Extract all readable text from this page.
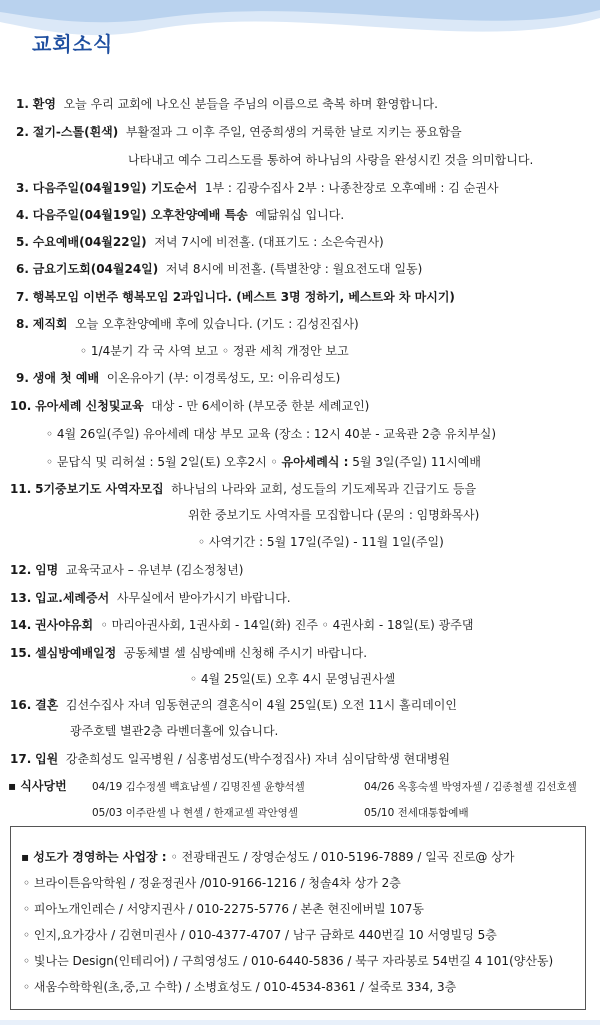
교회소식
1. 환영 오늘 우리 교회에 나오신 분들을 주님의 이름으로 축복 하며 환영합니다.
2. 절기-스톨(흰색) 부활절과 그 이후 주일, 연중희생의 거룩한 날로 지키는 풍요함을
나타내고 예수 그리스도를 통하여 하나님의 사랑을 완성시킨 것을 의미합니다.
3. 다음주일(04월19일) 기도순서 1부 : 김광수집사 2부 : 나종찬장로 오후예배 : 김 순권사
4. 다음주일(04월19일) 오후찬양예배 특송 예닮워십 입니다.
5. 수요예배(04월22일) 저녁 7시에 비전홀. (대표기도 : 소은숙권사)
6. 금요기도회(04월24일) 저녁 8시에 비전홀. (특별찬양 : 월요전도대 일동)
7. 행복모임 이번주 행복모임 2과입니다. (베스트 3명 정하기, 베스트와 차 마시기)
8. 제직회 오늘 오후찬양예배 후에 있습니다. (기도 : 김성진집사)
◦ 1/4분기 각 국 사역 보고 ◦ 정관 세칙 개정안 보고
9. 생애 첫 예배 이온유아기 (부: 이경록성도, 모: 이유리성도)
10. 유아세례 신청및교육 대상 - 만 6세이하 (부모중 한분 세례교인)
◦ 4월 26일(주일) 유아세례 대상 부모 교육 (장소 : 12시 40분 - 교육관 2층 유치부실)
◦ 문답식 및 리허설 : 5월 2일(토) 오후2시 ◦ 유아세례식 : 5월 3일(주일) 11시예배
11. 5기중보기도 사역자모집 하나님의 나라와 교회, 성도들의 기도제목과 긴급기도 등을
위한 중보기도 사역자를 모집합니다 (문의 : 임명화목사)
◦ 사역기간 : 5월 17일(주일) - 11월 1일(주일)
12. 임명 교육국교사 – 유년부 (김소정청년)
13. 입교.세례증서 사무실에서 받아가시기 바랍니다.
14. 권사야유회 ◦ 마리아권사회, 1권사회 - 14일(화) 진주 ◦ 4권사회 - 18일(토) 광주댐
15. 셀심방예배일정 공동체별 셀 심방예배 신청해 주시기 바랍니다.
◦ 4월 25일(토) 오후 4시 문영님권사셀
16. 결혼 김선수집사 자녀 임동현군의 결혼식이 4월 25일(토) 오전 11시 홀리데이인
광주호텔 별관2층 라벤더홀에 있습니다.
17. 입원 강춘희성도 일곡병원 / 심홍범성도(박수정집사) 자녀 심이담학생 현대병원
▪ 식사당번 04/19 김수정셀 백효남셀 / 김명진셀 윤향석셀	04/26 옥홍숙셀 박영자셀 / 김종철셀 김선호셀
05/03 이주란셀 나 현셀 / 한재교셀 곽안영셀	05/10 전세대통합예배
▪ 성도가 경영하는 사업장 : ◦ 전광태권도 / 장영순성도 / 010-5196-7889 / 일곡 진로@ 상가
◦ 브라이튼음악학원 / 정윤정권사 /010-9166-1216 / 청솔4차 상가 2층
◦ 피아노개인레슨 / 서양지권사 / 010-2275-5776 / 본촌 현진에버빌 107동
◦ 인지,요가강사 / 김현미권사 / 010-4377-4707 / 남구 금화로 440번길 10 서영빌딩 5층
◦ 빛나는 Design(인테리어) / 구희영성도 / 010-6440-5836 / 북구 자라봉로 54번길 4 101(양산동)
◦ 새움수학학원(초,중,고 수학) / 소병효성도 / 010-4534-8361 / 설죽로 334, 3층
